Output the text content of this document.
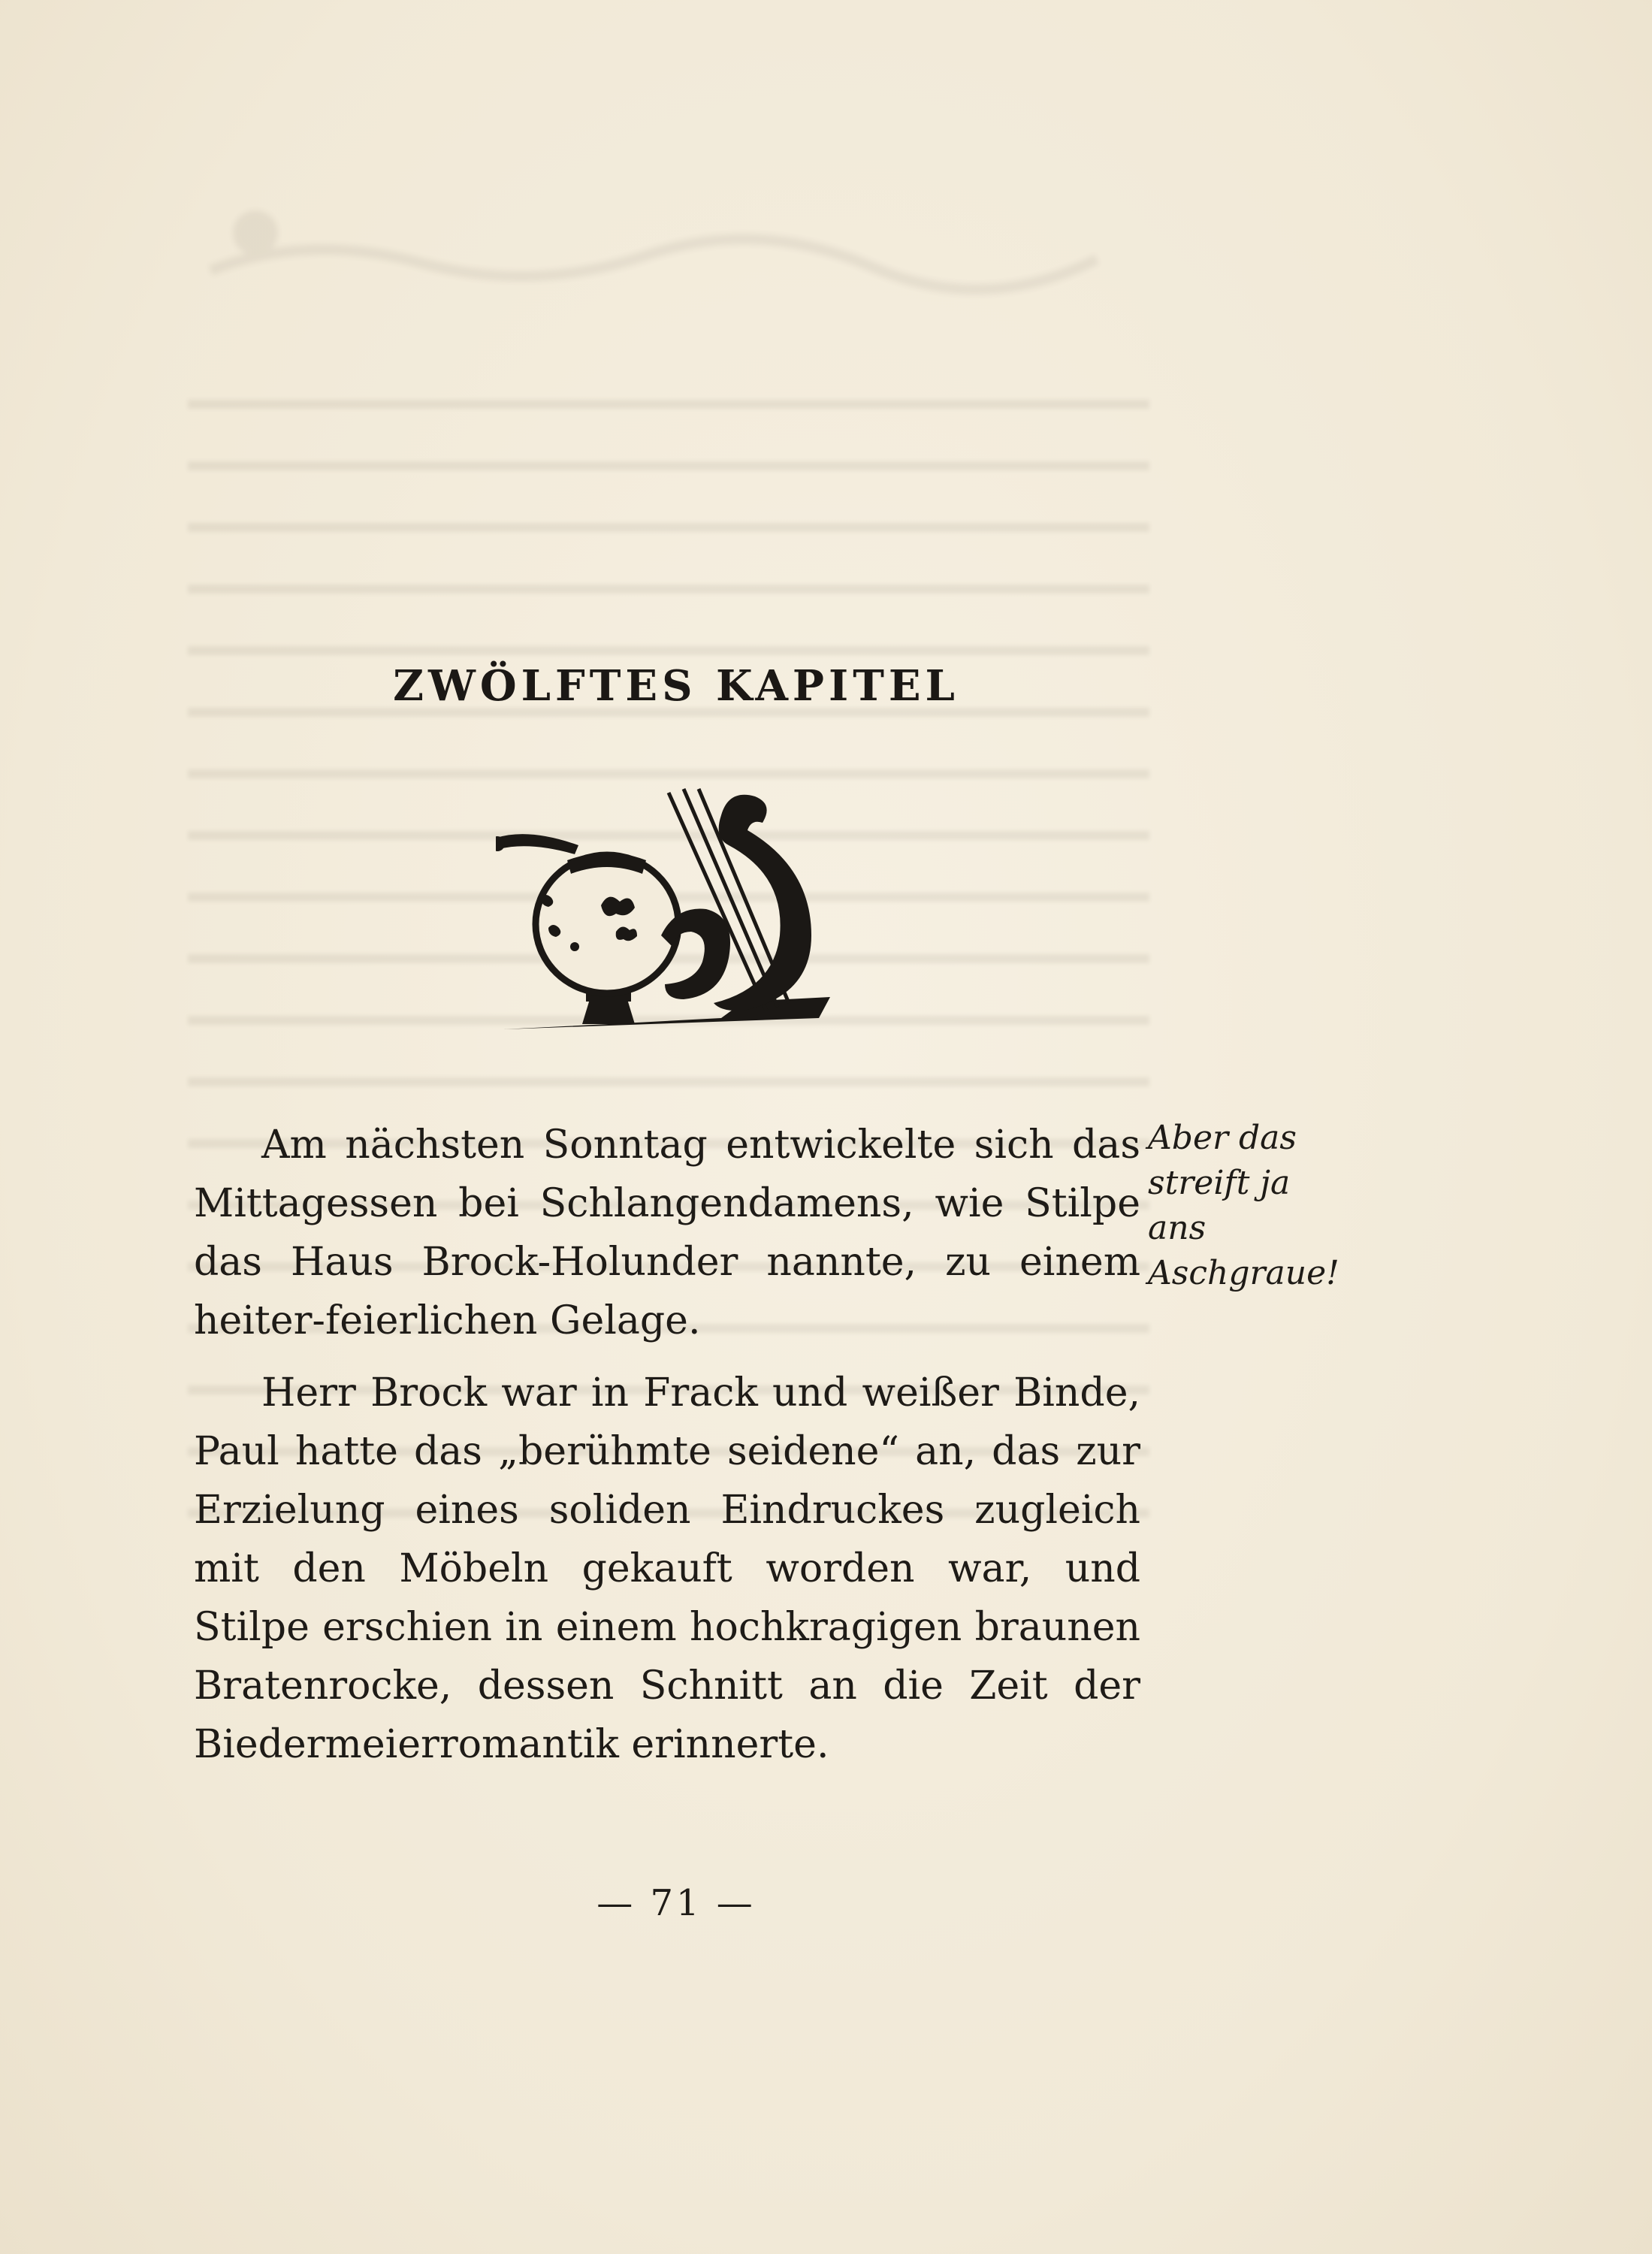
ZWÖLFTES KAPITEL

Am nächsten Sonntag entwickelte sich das Mittagessen bei Schlangendamens, wie Stilpe das Haus Brock-Holunder nannte, zu einem heiter-feierlichen Gelage.

Herr Brock war in Frack und weißer Binde, Paul hatte das „berühmte seidene“ an, das zur Erzielung eines soliden Eindruckes zugleich mit den Möbeln gekauft worden war, und Stilpe erschien in einem hochkragigen braunen Bratenrocke, dessen Schnitt an die Zeit der Biedermeierromantik erinnerte.

Aber das streift ja ans Aschgraue!
— 71 —
